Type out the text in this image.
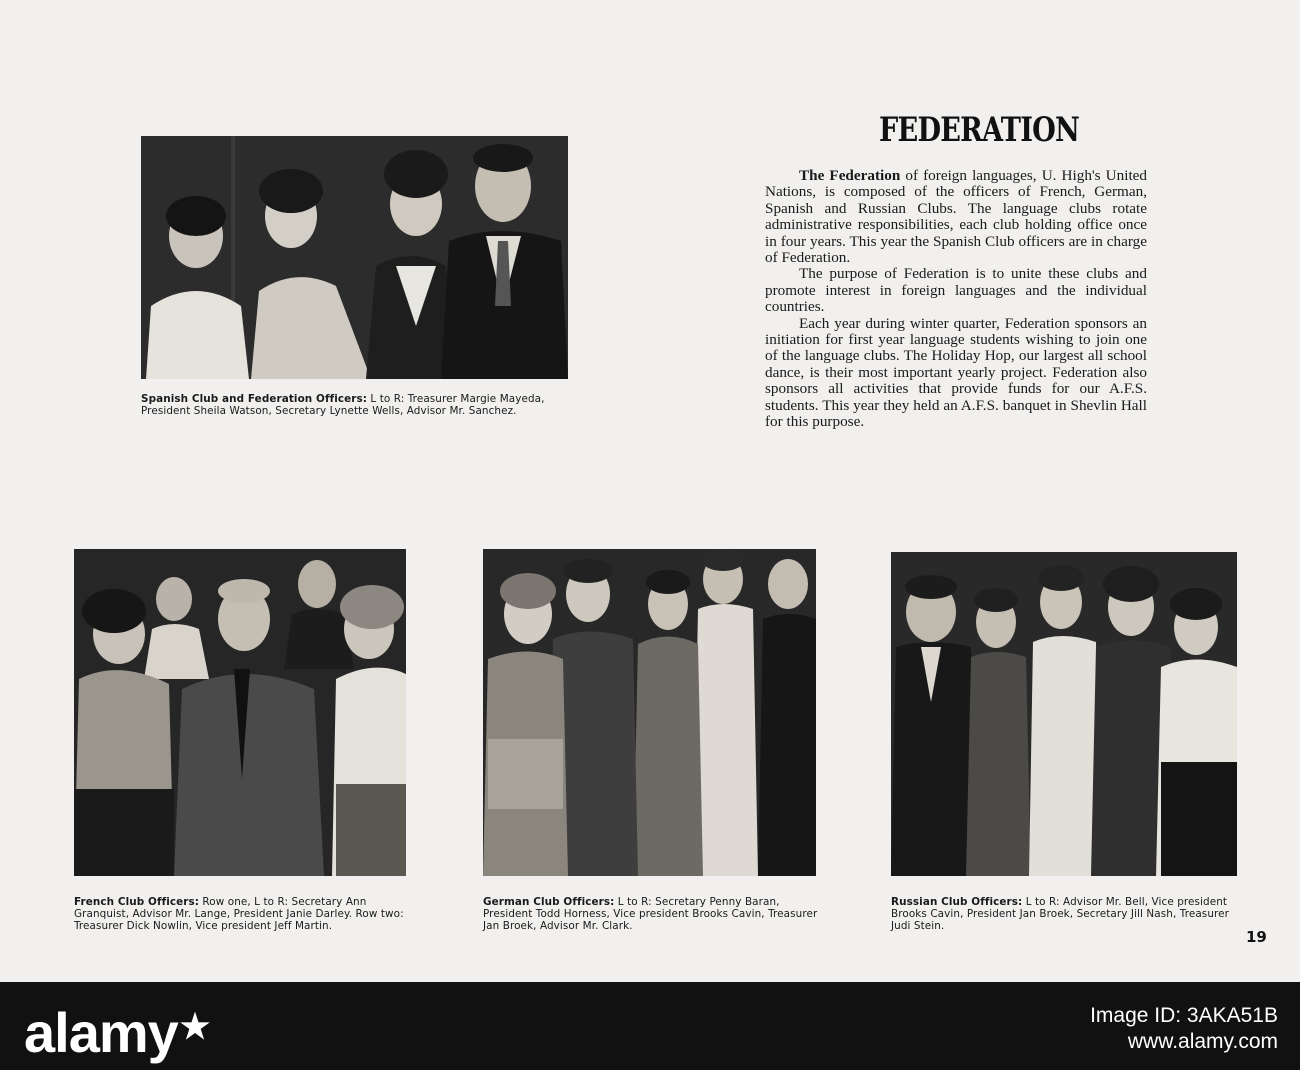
Spanish Club and Federation Officers: L to R: Treasurer Margie Mayeda, President Sheila Watson, Secretary Lynette Wells, Advisor Mr. Sanchez.
FEDERATION

The Federation of foreign languages, U. High's United Nations, is composed of the officers of French, German, Spanish and Russian Clubs. The language clubs rotate administrative responsibilities, each club holding office once in four years. This year the Spanish Club officers are in charge of Federation.

The purpose of Federation is to unite these clubs and promote interest in foreign languages and the individual countries.

Each year during winter quarter, Federation sponsors an initiation for first year language students wishing to join one of the language clubs. The Holiday Hop, our largest all school dance, is their most important yearly project. Federation also sponsors all activities that provide funds for our A.F.S. students. This year they held an A.F.S. banquet in Shevlin Hall for this purpose.

French Club Officers: Row one, L to R: Secretary Ann Granquist, Advisor Mr. Lange, President Janie Darley. Row two: Treasurer Dick Nowlin, Vice president Jeff Martin.
German Club Officers: L to R: Secretary Penny Baran, President Todd Horness, Vice president Brooks Cavin, Treasurer Jan Broek, Advisor Mr. Clark.
Russian Club Officers: L to R: Advisor Mr. Bell, Vice president Brooks Cavin, President Jan Broek, Secretary Jill Nash, Treasurer Judi Stein.
19
alamy★	Image ID: 3AKA51B
www.alamy.com
